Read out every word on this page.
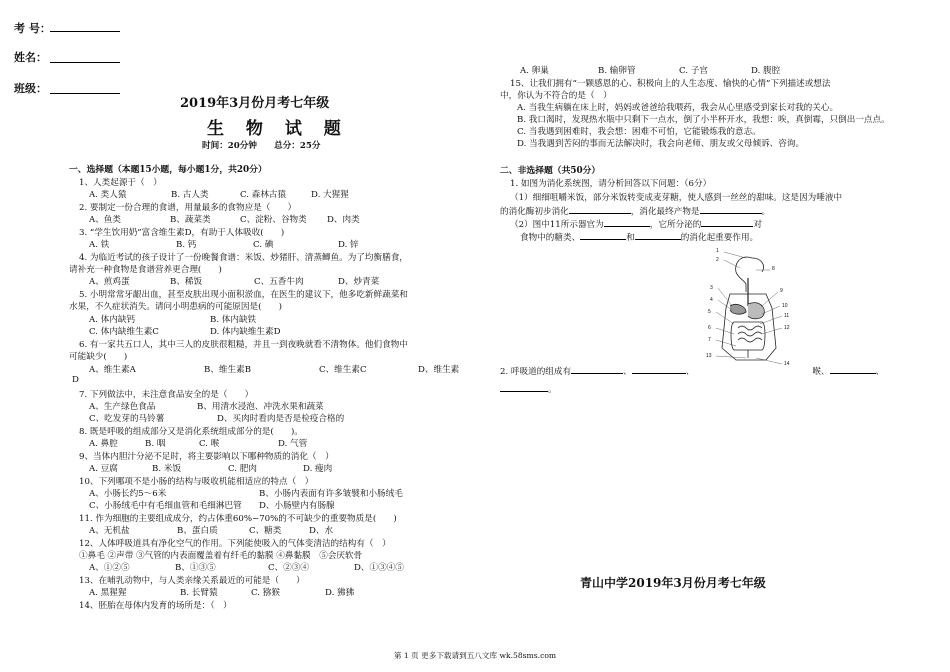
考 号：
姓名：
班级：
2019年3月份月考七年级
生 物 试 题
时间：20分钟　　总分：25分
一、选择题（本题15小题，每小题1分，共20分）
1、人类起源于（　）
A. 类人猿	B. 古人类	C. 森林古猿	D. 大猩猩
2. 要制定一份合理的食谱，用量最多的食物应是（　　）
A、鱼类	B、蔬菜类	C、淀粉、谷物类 D、肉类
3. “学生饮用奶”富含维生素D，有助于人体吸收(　　)
A. 铁	B. 钙	C. 碘	D. 锌
4. 为临近考试的孩子设计了一份晚餐食谱：米饭、炒猪肝、清蒸鲫鱼。为了均衡膳食，
请补充一种食物是食谱营养更合理(　　)
A、煎鸡蛋	B、稀饭	C、五香牛肉	D、炒青菜
5. 小明常常牙龈出血，甚至皮肤出现小面积淤血，在医生的建议下，他多吃新鲜蔬菜和
水果，不久症状消失。请问小明患病的可能原因是(　　)
A. 体内缺钙	B. 体内缺铁
C. 体内缺维生素C	D. 体内缺维生素D
6. 有一家共五口人，其中三人的皮肤很粗糙，并且一到夜晚就看不清物体。他们食物中
可能缺少(　　)
A、维生素A	B、维生素B	C、维生素C	D、维生素
D
7. 下列做法中，未注意食品安全的是（　　）
A、生产绿色食品	B、用清水浸泡、冲洗水果和蔬菜
C、吃发芽的马铃薯	D、买肉时看肉是否是检疫合格的
8. 既是呼吸的组成部分又是消化系统组成部分的是(　　)。
A. 鼻腔	B. 咽	C. 喉	D. 气管
9、当体内胆汁分泌不足时，将主要影响以下哪种物质的消化（　）
A. 豆腐	B. 米饭	C. 肥肉	D. 瘦肉
10、下列哪项不是小肠的结构与吸收机能相适应的特点（　）
A、小肠长约5～6米	B、小肠内表面有许多皱襞和小肠绒毛
C、小肠绒毛中有毛细血管和毛细淋巴管 D、小肠壁内有肠腺
11. 作为细胞的主要组成成分，约占体重60%~70%的不可缺少的重要物质是(　　)
A、无机盐	B、蛋白质	C、糖类	D、水
12、人体呼吸道具有净化空气的作用。下列能使吸入的气体变清洁的结构有（　）
①鼻毛 ②声带 ③气管的内表面覆盖着有纤毛的黏膜 ④鼻黏膜　⑤会厌软骨
A、①②⑤	B、①③⑤	C、②③④	D、①③④⑤
13、在哺乳动物中，与人类亲缘关系最近的可能是（　　）
A. 黑猩猩	B. 长臂猿	C. 猕猴	D. 狒狒
14、胚胎在母体内发育的场所是：（　）
A. 卵巢	B. 输卵管	C. 子宫	D. 腹腔
15、让我们拥有“一颗感恩的心、积极向上的人生态度、愉快的心情”下列描述或想法
中，你认为不符合的是（　）
A. 当我生病躺在床上时，妈妈或爸爸给我喂药，我会从心里感受到家长对我的关心。
B. 我口渴时，发现热水瓶中只剩下一点水，倒了小半杯开水，我想：唉，真倒霉，只倒出一点点。
C. 当我遇到困难时，我会想：困难不可怕，它能锻炼我的意志。
D. 当我遇到苦闷的事而无法解决时，我会向老师、朋友或父母倾诉、咨询。
二、非选择题（共50分）
1. 如图为消化系统图，请分析回答以下问题：（6分）
（1）细细咀嚼米饭，部分米饭转变成麦芽糖，使人感到一丝丝的甜味。这是因为唾液中
的消化酶初步消化	，消化最终产物是	。
（2）图中11所示器官为	，它所分泌的	对
食物中的糖类、	和	的消化起重要作用。
2. 呼吸道的组成有	、	、	喉、	、
。
1
2
3
4
5
6
7
8
9
10
11
12
13
14
青山中学2019年3月份月考七年级
第 1 页 更多下载请到五八文库 wk.58sms.com
